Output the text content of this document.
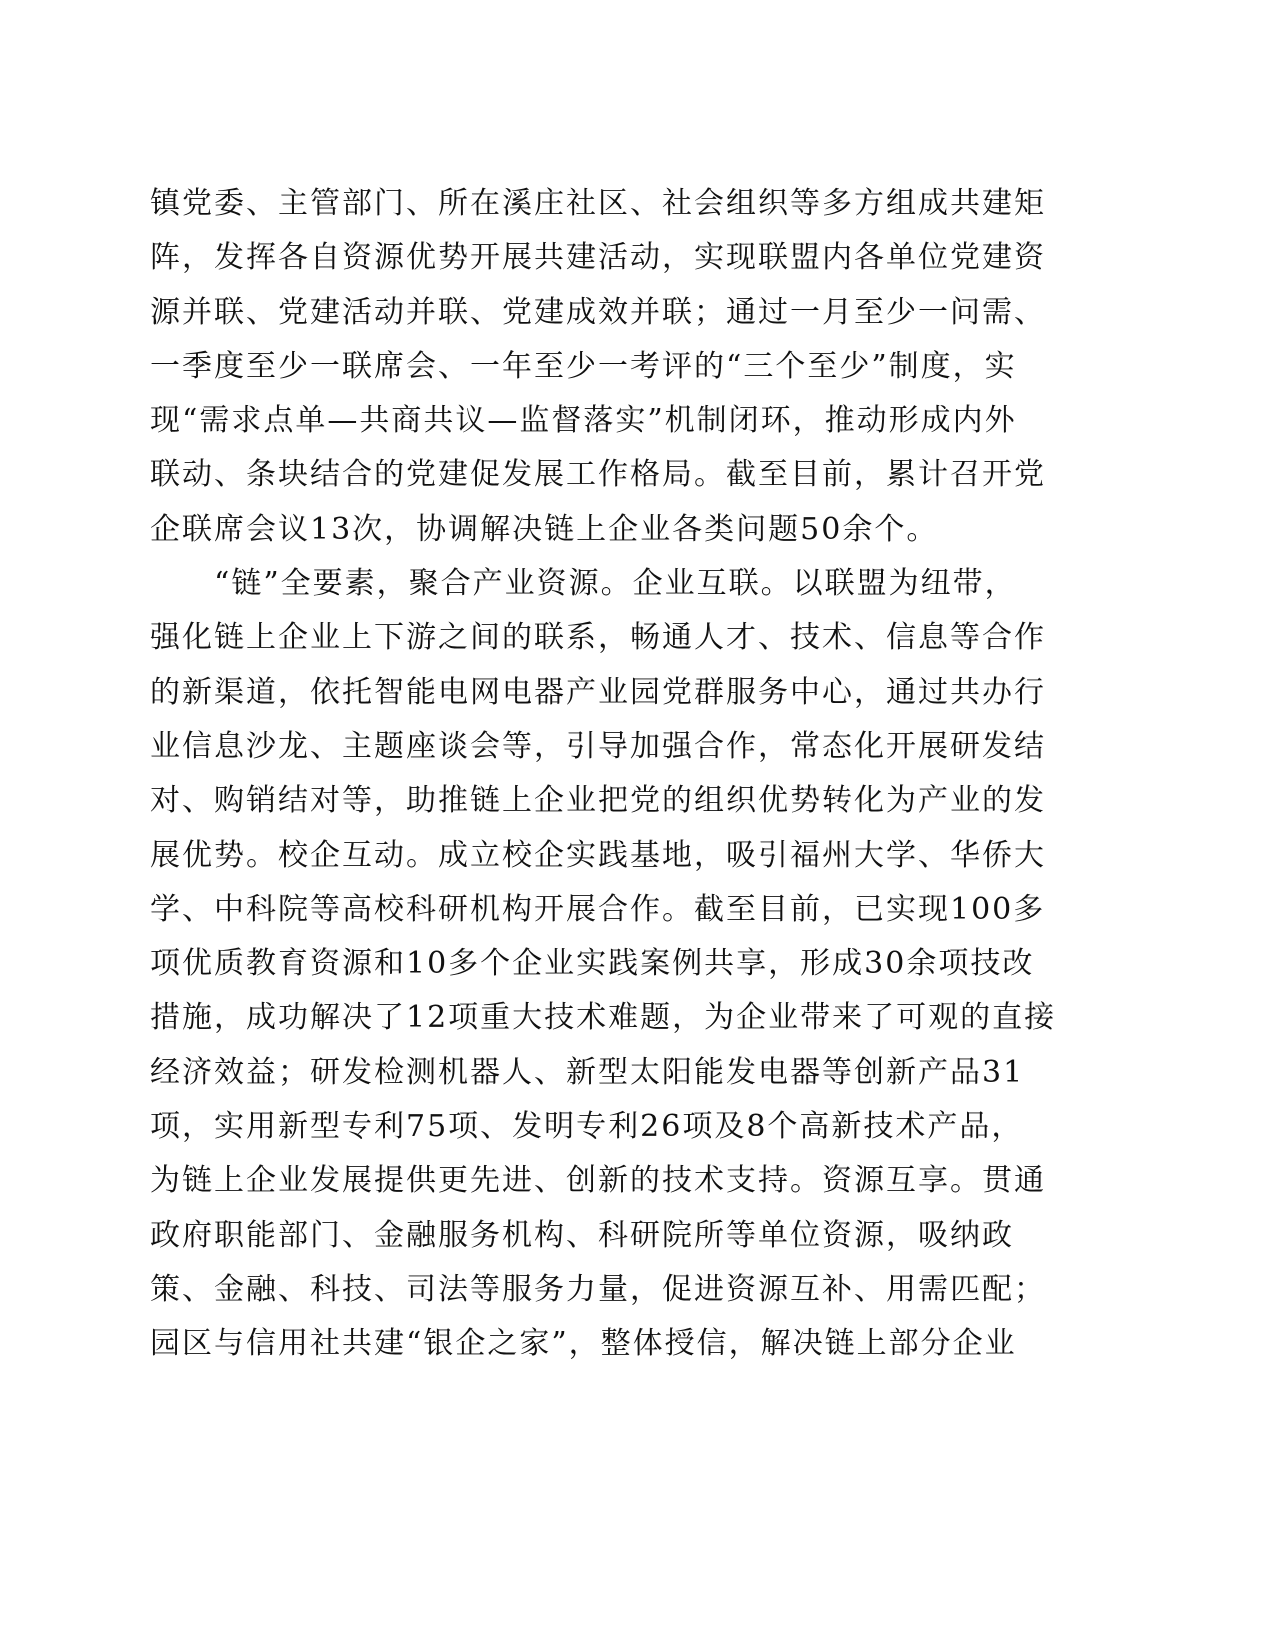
镇党委、主管部门、所在溪庄社区、社会组织等多方组成共建矩
阵，发挥各自资源优势开展共建活动，实现联盟内各单位党建资
源并联、党建活动并联、党建成效并联；通过一月至少一问需、
一季度至少一联席会、一年至少一考评的“三个至少”制度，实
现“需求点单—共商共议—监督落实”机制闭环，推动形成内外
联动、条块结合的党建促发展工作格局。截至目前，累计召开党
企联席会议13次，协调解决链上企业各类问题50余个。
“链”全要素，聚合产业资源。企业互联。以联盟为纽带，
强化链上企业上下游之间的联系，畅通人才、技术、信息等合作
的新渠道，依托智能电网电器产业园党群服务中心，通过共办行
业信息沙龙、主题座谈会等，引导加强合作，常态化开展研发结
对、购销结对等，助推链上企业把党的组织优势转化为产业的发
展优势。校企互动。成立校企实践基地，吸引福州大学、华侨大
学、中科院等高校科研机构开展合作。截至目前，已实现100多
项优质教育资源和10多个企业实践案例共享，形成30余项技改
措施，成功解决了12项重大技术难题，为企业带来了可观的直接
经济效益；研发检测机器人、新型太阳能发电器等创新产品31
项，实用新型专利75项、发明专利26项及8个高新技术产品，
为链上企业发展提供更先进、创新的技术支持。资源互享。贯通
政府职能部门、金融服务机构、科研院所等单位资源，吸纳政
策、金融、科技、司法等服务力量，促进资源互补、用需匹配；
园区与信用社共建“银企之家”，整体授信，解决链上部分企业
